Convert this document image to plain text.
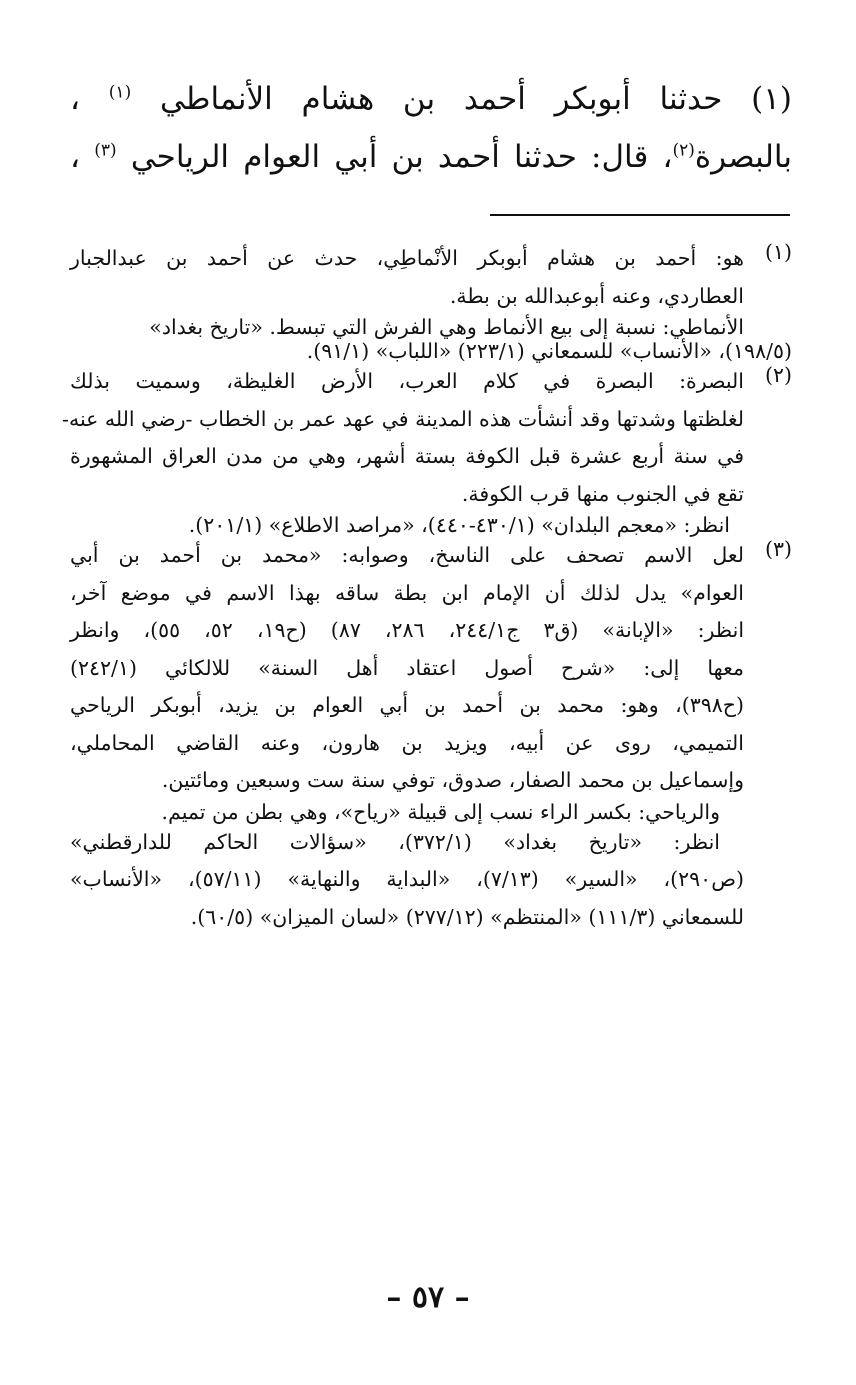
(١) حدثنا أبوبكر أحمد بن هشام الأنماطي $^{(١)}$ ،
بالبصرة$^{(٢)}$، قال: حدثنا أحمد بن أبي العوام الرياحي $^{(٣)}$ ،
(١)
هو: أحمد بن هشام أبوبكر الأنْماطِي، حدث عن أحمد بن عبدالجبار
العطاردي، وعنه أبوعبدالله بن بطة.
الأنماطي: نسبة إلى بيع الأنماط وهي الفرش التي تبسط. «تاريخ بغداد» (١٩٨/٥)، «الأنساب» للسمعاني (٢٢٣/١) «اللباب» (٩١/١).
(٢)
البصرة: البصرة في كلام العرب، الأرض الغليظة، وسميت بذلك
لغلظتها وشدتها وقد أنشأت هذه المدينة في عهد عمر بن الخطاب -رضي الله عنه-
في سنة أربع عشرة قبل الكوفة بستة أشهر، وهي من مدن العراق المشهورة
تقع في الجنوب منها قرب الكوفة.
انظر: «معجم البلدان» (٤٣٠/١-٤٤٠)، «مراصد الاطلاع» (٢٠١/١).
(٣)
لعل الاسم تصحف على الناسخ، وصوابه: «محمد بن أحمد بن أبي
العوام» يدل لذلك أن الإمام ابن بطة ساقه بهذا الاسم في موضع آخر،
انظر: «الإبانة» (ق٣ ج٢٤٤/١، ٢٨٦، ٨٧) (ح١٩، ٥٢، ٥٥)، وانظر
معها إلى: «شرح أصول اعتقاد أهل السنة» للالكائي (٢٤٢/١)
(ح٣٩٨)، وهو: محمد بن أحمد بن أبي العوام بن يزيد، أبوبكر الرياحي
التميمي، روى عن أبيه، ويزيد بن هارون، وعنه القاضي المحاملي،
وإسماعيل بن محمد الصفار، صدوق، توفي سنة ست وسبعين ومائتين.
والرياحي: بكسر الراء نسب إلى قبيلة «رياح»، وهي بطن من تميم.
انظر: «تاريخ بغداد» (٣٧٢/١)، «سؤالات الحاكم للدارقطني»
(ص٢٩٠)، «السير» (٧/١٣)، «البداية والنهاية» (٥٧/١١)، «الأنساب»
للسمعاني (١١١/٣) «المنتظم» (٢٧٧/١٢) «لسان الميزان» (٦٠/٥).
– ٥٧ –
